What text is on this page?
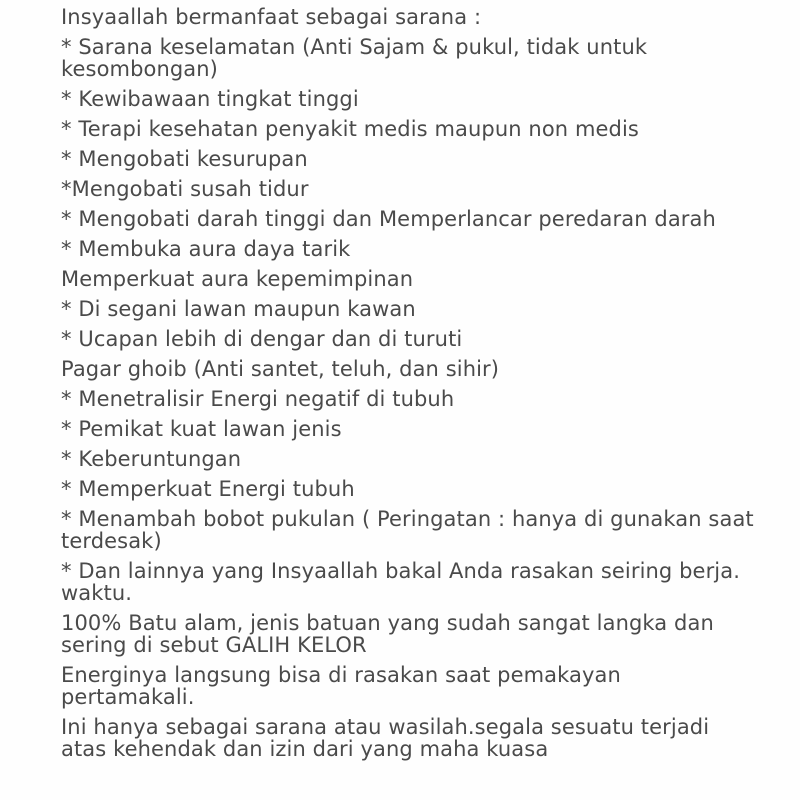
Insyaallah bermanfaat sebagai sarana :

* Sarana keselamatan (Anti Sajam & pukul, tidak untuk kesombongan)

* Kewibawaan tingkat tinggi

* Terapi kesehatan penyakit medis maupun non medis

* Mengobati kesurupan

*Mengobati susah tidur

* Mengobati darah tinggi dan Memperlancar peredaran darah

* Membuka aura daya tarik

Memperkuat aura kepemimpinan

* Di segani lawan maupun kawan

* Ucapan lebih di dengar dan di turuti

Pagar ghoib (Anti santet, teluh, dan sihir)

* Menetralisir Energi negatif di tubuh

* Pemikat kuat lawan jenis

* Keberuntungan

* Memperkuat Energi tubuh

* Menambah bobot pukulan ( Peringatan : hanya di gunakan saat terdesak)

* Dan lainnya yang Insyaallah bakal Anda rasakan seiring berja. waktu.

100% Batu alam, jenis batuan yang sudah sangat langka dan sering di sebut GALIH KELOR

Energinya langsung bisa di rasakan saat pemakayan pertamakali.

Ini hanya sebagai sarana atau wasilah.segala sesuatu terjadi atas kehendak dan izin dari yang maha kuasa
